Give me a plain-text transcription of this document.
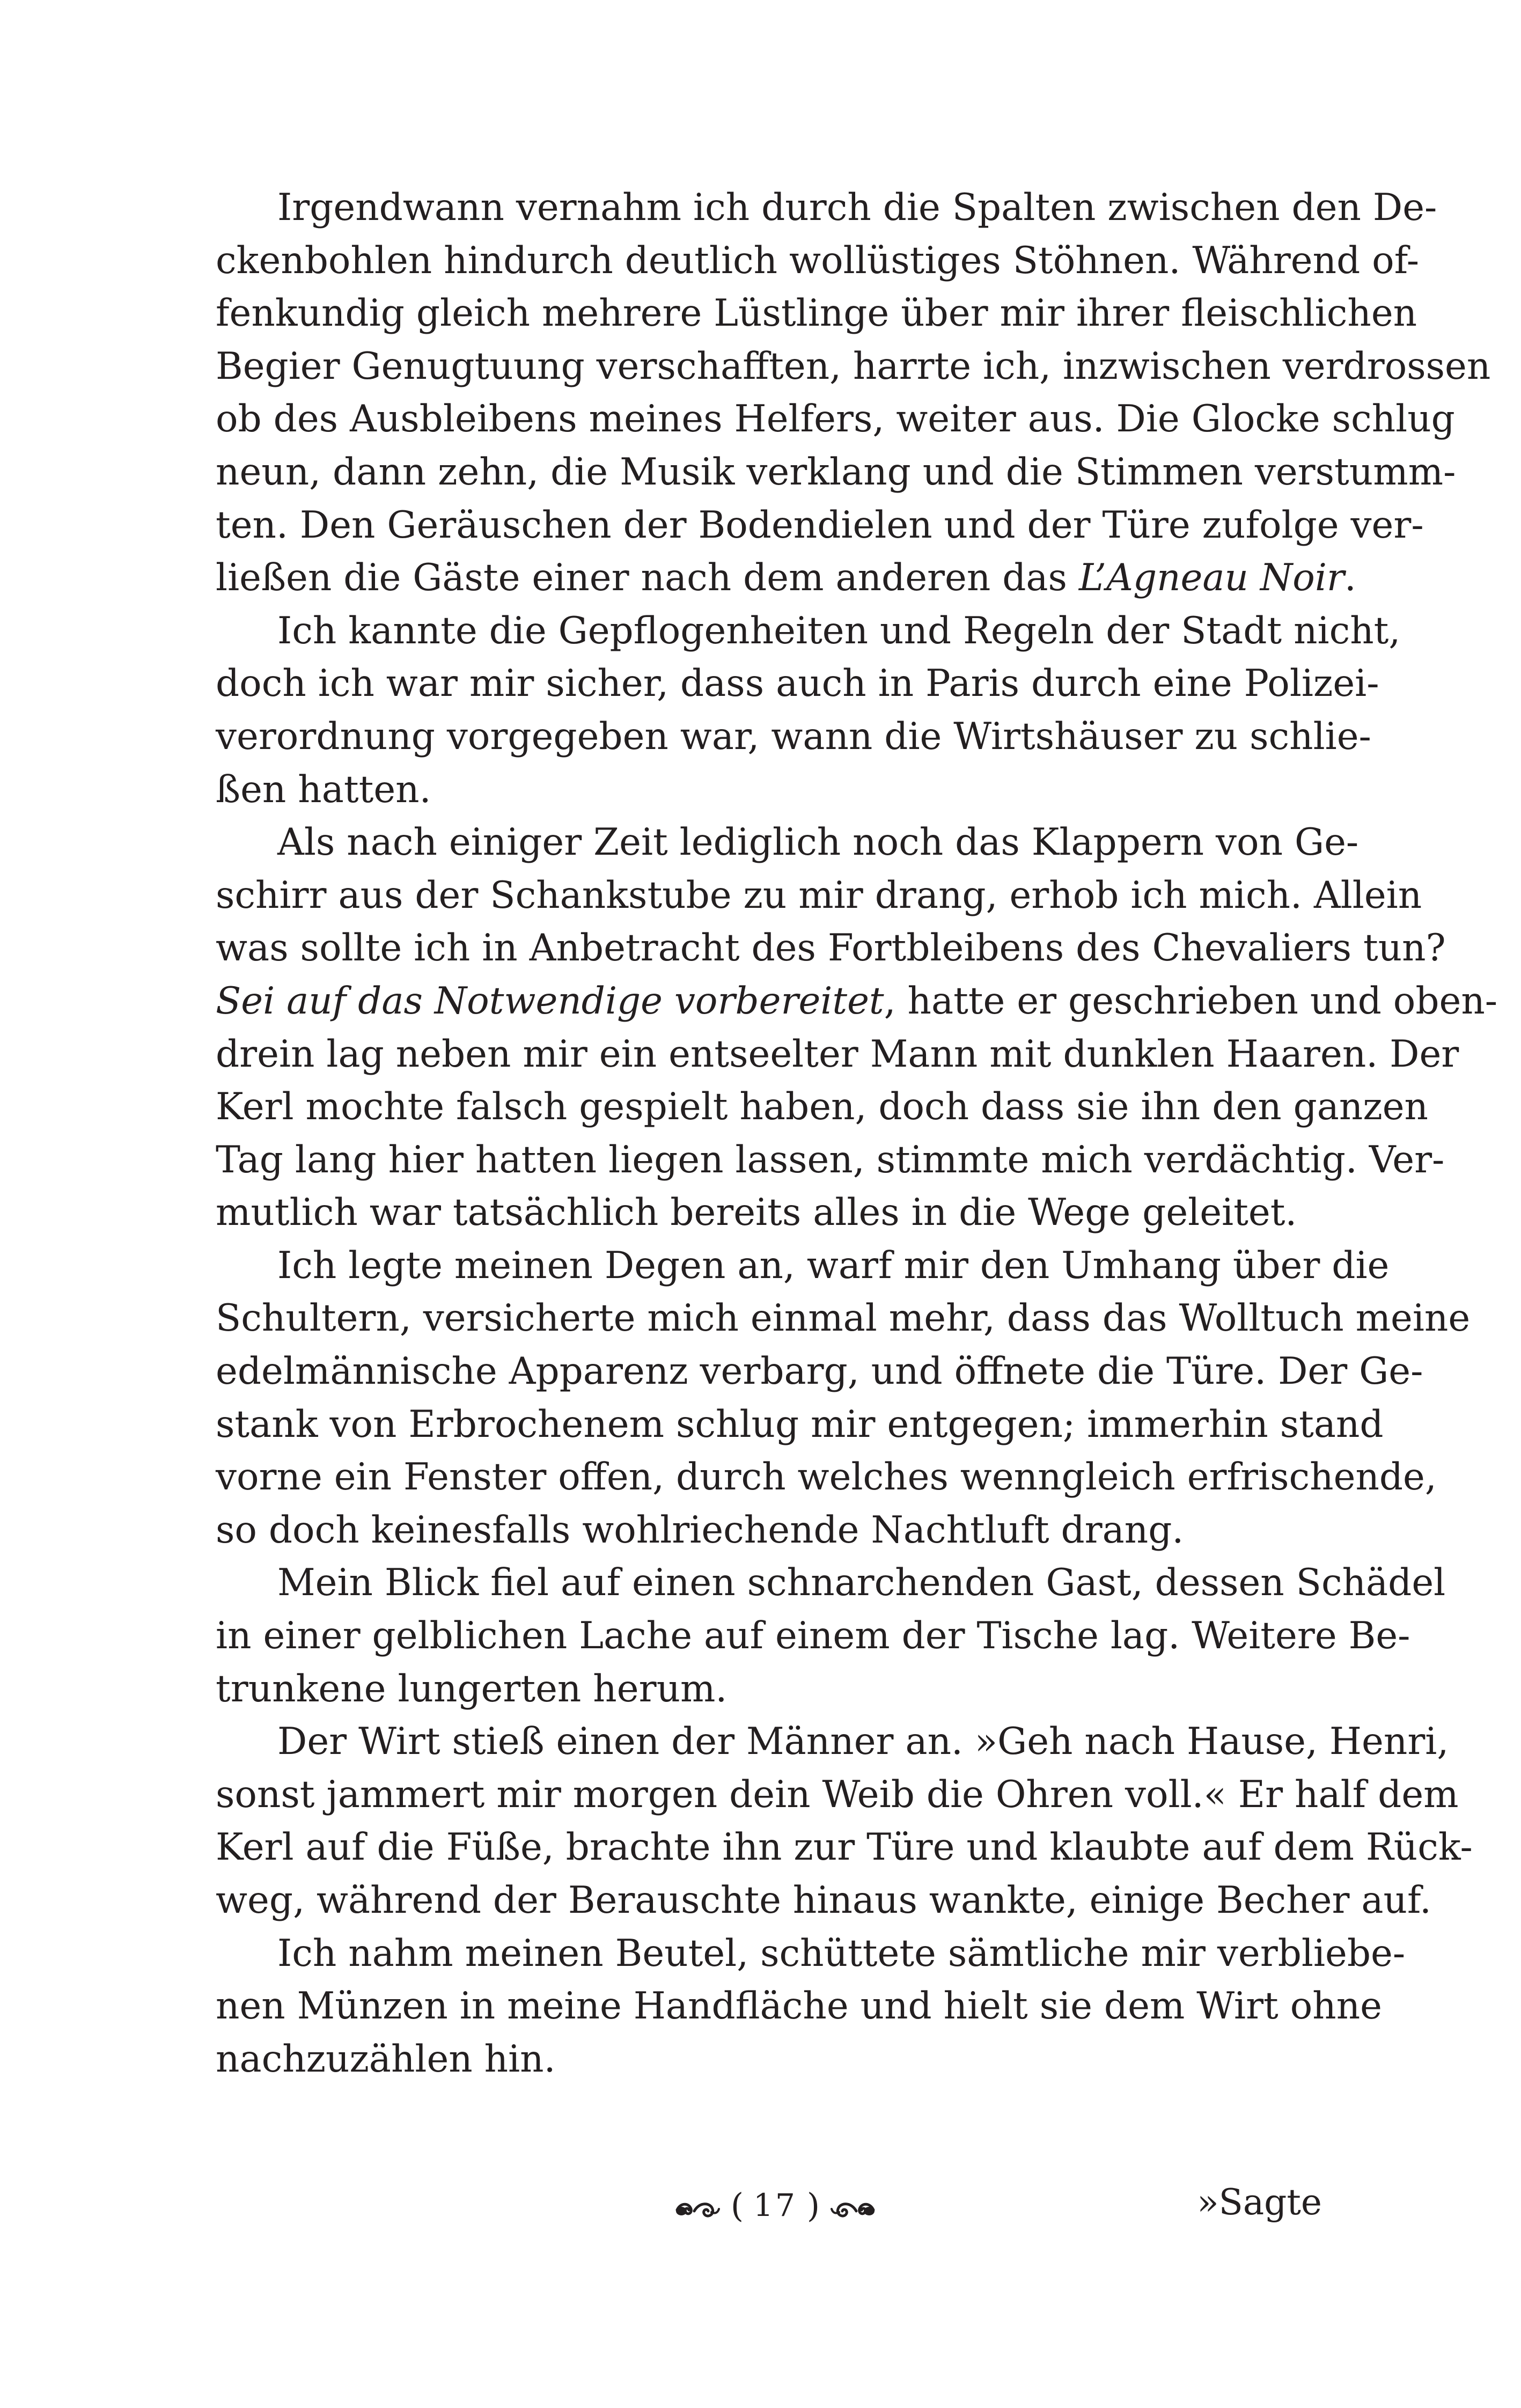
Irgendwann vernahm ich durch die Spalten zwischen den De-
ckenbohlen hindurch deutlich wollüstiges Stöhnen. Während of-
fenkundig gleich mehrere Lüstlinge über mir ihrer fleischlichen
Begier Genugtuung verschafften, harrte ich, inzwischen verdrossen
ob des Ausbleibens meines Helfers, weiter aus. Die Glocke schlug
neun, dann zehn, die Musik verklang und die Stimmen verstumm-
ten. Den Geräuschen der Bodendielen und der Türe zufolge ver-
ließen die Gäste einer nach dem anderen das L’Agneau Noir.
Ich kannte die Gepflogenheiten und Regeln der Stadt nicht,
doch ich war mir sicher, dass auch in Paris durch eine Polizei-
verordnung vorgegeben war, wann die Wirtshäuser zu schlie-
ßen hatten.
Als nach einiger Zeit lediglich noch das Klappern von Ge-
schirr aus der Schankstube zu mir drang, erhob ich mich. Allein
was sollte ich in Anbetracht des Fortbleibens des Chevaliers tun?
Sei auf das Notwendige vorbereitet, hatte er geschrieben und oben-
drein lag neben mir ein entseelter Mann mit dunklen Haaren. Der
Kerl mochte falsch gespielt haben, doch dass sie ihn den ganzen
Tag lang hier hatten liegen lassen, stimmte mich verdächtig. Ver-
mutlich war tatsächlich bereits alles in die Wege geleitet.
Ich legte meinen Degen an, warf mir den Umhang über die
Schultern, versicherte mich einmal mehr, dass das Wolltuch meine
edelmännische Apparenz verbarg, und öffnete die Türe. Der Ge-
stank von Erbrochenem schlug mir entgegen; immerhin stand
vorne ein Fenster offen, durch welches wenngleich erfrischende,
so doch keinesfalls wohlriechende Nachtluft drang.
Mein Blick fiel auf einen schnarchenden Gast, dessen Schädel
in einer gelblichen Lache auf einem der Tische lag. Weitere Be-
trunkene lungerten herum.
Der Wirt stieß einen der Männer an. »Geh nach Hause, Henri,
sonst jammert mir morgen dein Weib die Ohren voll.« Er half dem
Kerl auf die Füße, brachte ihn zur Türe und klaubte auf dem Rück-
weg, während der Berauschte hinaus wankte, einige Becher auf.
Ich nahm meinen Beutel, schüttete sämtliche mir verbliebe-
nen Münzen in meine Handfläche und hielt sie dem Wirt ohne
nachzuzählen hin.
( 17 )	»Sagte
